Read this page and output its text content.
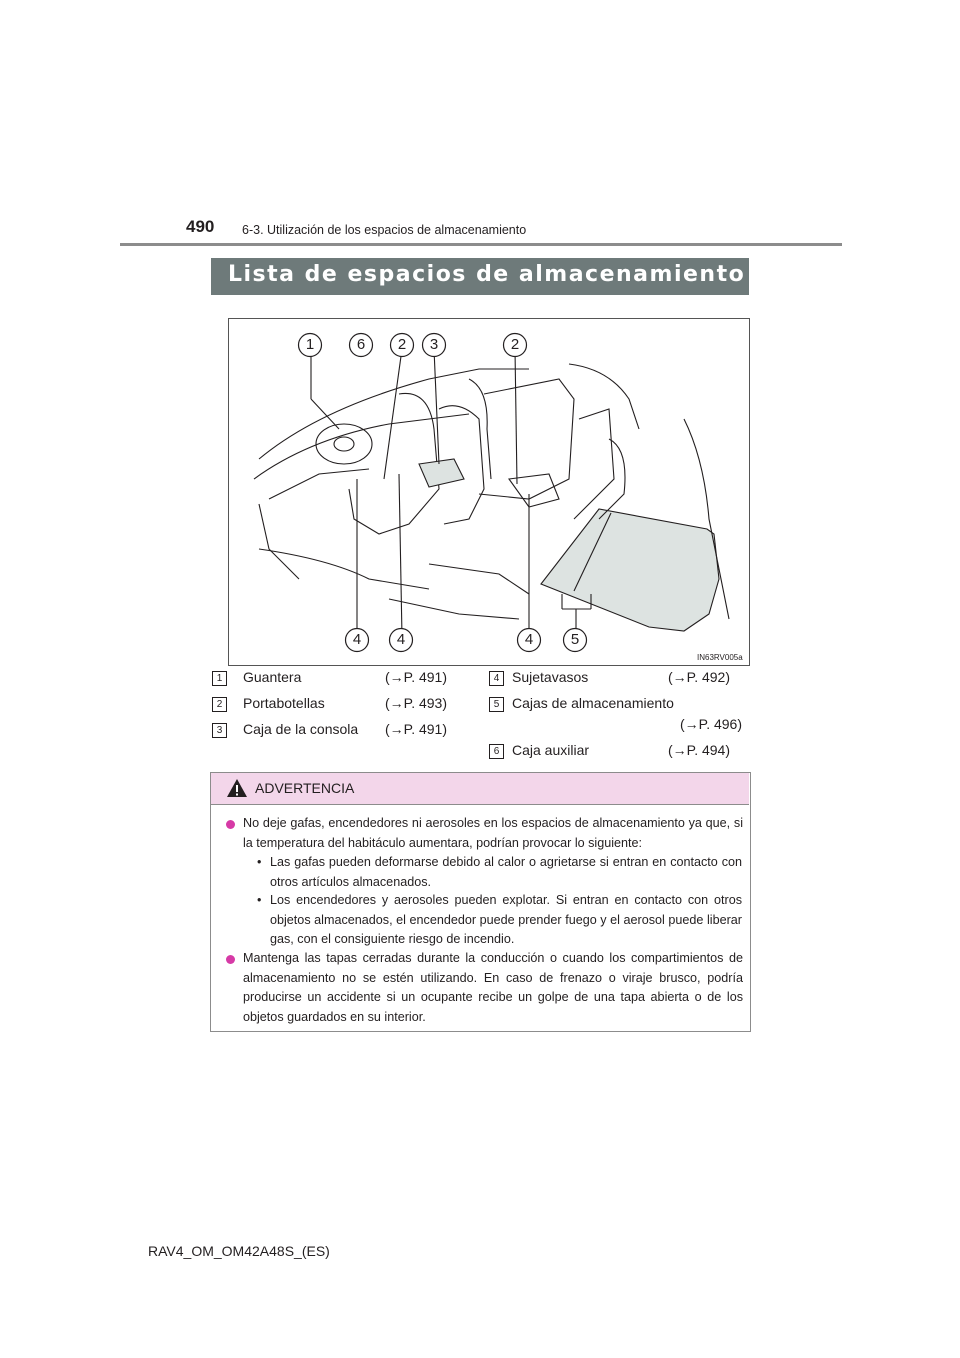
490 6-3. Utilización de los espacios de almacenamiento
Lista de espacios de almacenamiento
1	6	2	3	2
4	4	4	5
IN63RV005a
1	Guantera	(→P. 491)
2	Portabotellas	(→P. 493)
3	Caja de la consola (→P. 491)
4 Sujetavasos	(→P. 492)
5 Cajas de almacenamiento
(→P. 496)
6 Caja auxiliar	(→P. 494)
ADVERTENCIA
No deje gafas, encendedores ni aerosoles en los espacios de almacenamiento ya que, si la temperatura del habitáculo aumentara, podrían provocar lo siguiente:
• Las gafas pueden deformarse debido al calor o agrietarse si entran en contacto con otros artículos almacenados.
• Los encendedores y aerosoles pueden explotar. Si entran en contacto con otros objetos almacenados, el encendedor puede prender fuego y el aerosol puede liberar gas, con el consiguiente riesgo de incendio.
Mantenga las tapas cerradas durante la conducción o cuando los compartimientos de almacenamiento no se estén utilizando. En caso de frenazo o viraje brusco, podría producirse un accidente si un ocupante recibe un golpe de una tapa abierta o de los objetos guardados en su interior.
RAV4_OM_OM42A48S_(ES)
